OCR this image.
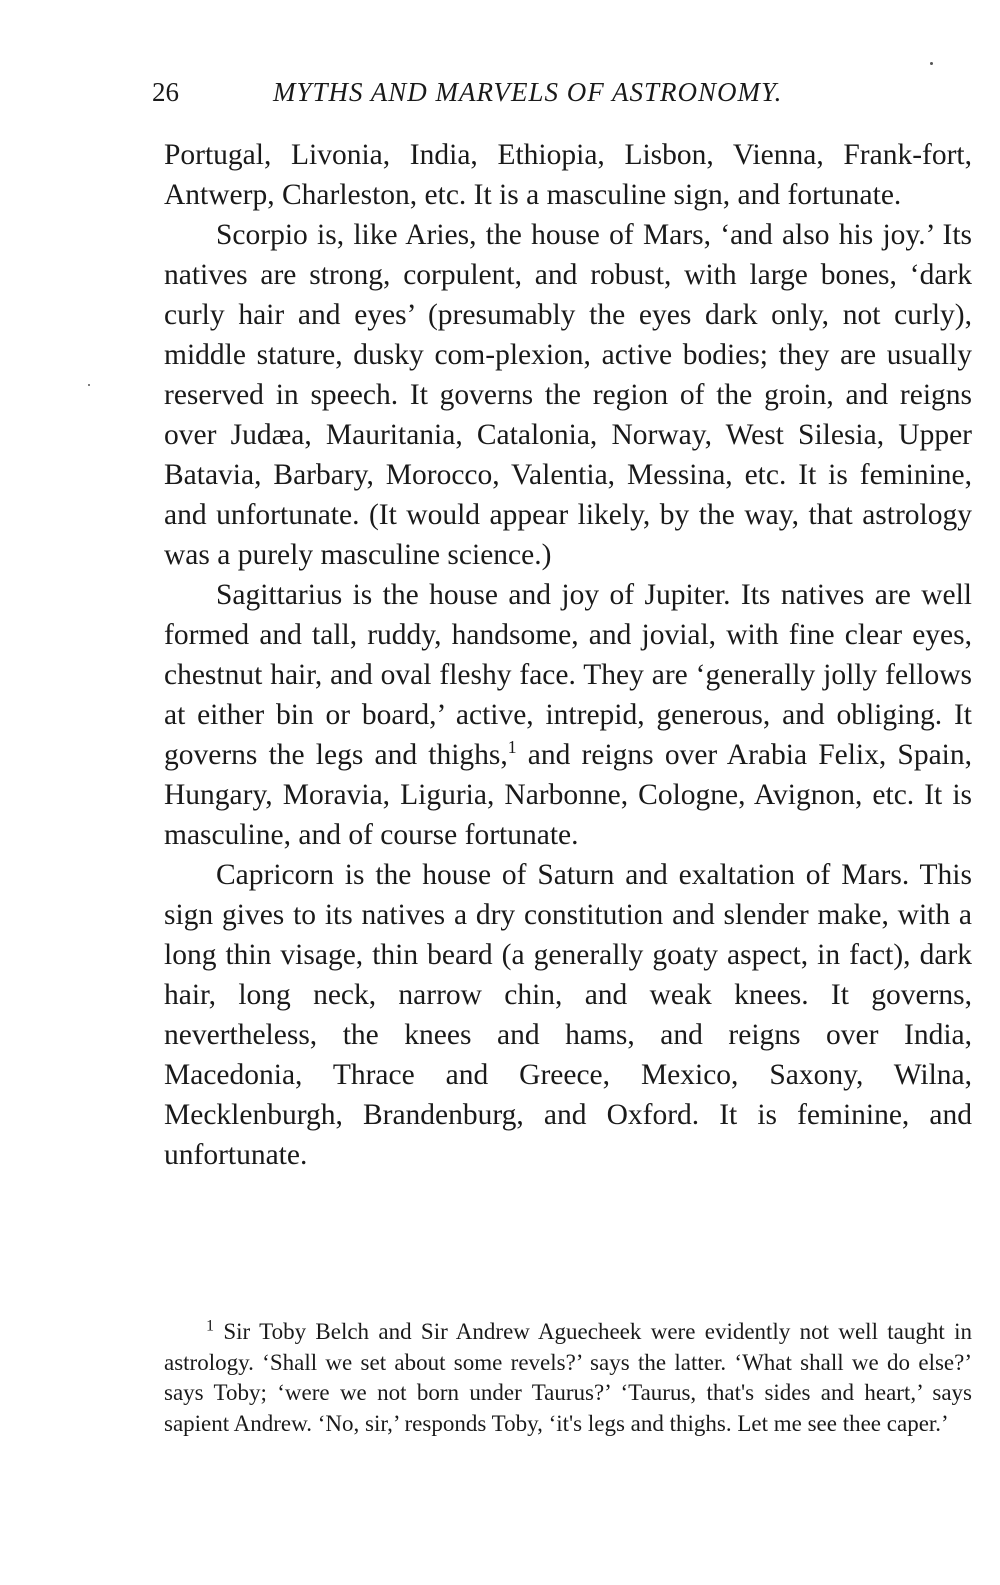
26	MYTHS AND MARVELS OF ASTRONOMY.

Portugal, Livonia, India, Ethiopia, Lisbon, Vienna, Frank-fort, Antwerp, Charleston, etc. It is a masculine sign, and fortunate.

Scorpio is, like Aries, the house of Mars, ‘and also his joy.’ Its natives are strong, corpulent, and robust, with large bones, ‘dark curly hair and eyes’ (presumably the eyes dark only, not curly), middle stature, dusky com-plexion, active bodies; they are usually reserved in speech. It governs the region of the groin, and reigns over Judæa, Mauritania, Catalonia, Norway, West Silesia, Upper Batavia, Barbary, Morocco, Valentia, Messina, etc. It is feminine, and unfortunate. (It would appear likely, by the way, that astrology was a purely masculine science.)

Sagittarius is the house and joy of Jupiter. Its natives are well formed and tall, ruddy, handsome, and jovial, with fine clear eyes, chestnut hair, and oval fleshy face. They are ‘generally jolly fellows at either bin or board,’ active, intrepid, generous, and obliging. It governs the legs and thighs,$^1$ and reigns over Arabia Felix, Spain, Hungary, Moravia, Liguria, Narbonne, Cologne, Avignon, etc. It is masculine, and of course fortunate.

Capricorn is the house of Saturn and exaltation of Mars. This sign gives to its natives a dry constitution and slender make, with a long thin visage, thin beard (a generally goaty aspect, in fact), dark hair, long neck, narrow chin, and weak knees. It governs, nevertheless, the knees and hams, and reigns over India, Macedonia, Thrace and Greece, Mexico, Saxony, Wilna, Mecklenburgh, Brandenburg, and Oxford. It is feminine, and unfortunate.

$^1$ Sir Toby Belch and Sir Andrew Aguecheek were evidently not well taught in astrology. ‘Shall we set about some revels?’ says the latter. ‘What shall we do else?’ says Toby; ‘were we not born under Taurus?’ ‘Taurus, that's sides and heart,’ says sapient Andrew. ‘No, sir,’ responds Toby, ‘it's legs and thighs. Let me see thee caper.’
